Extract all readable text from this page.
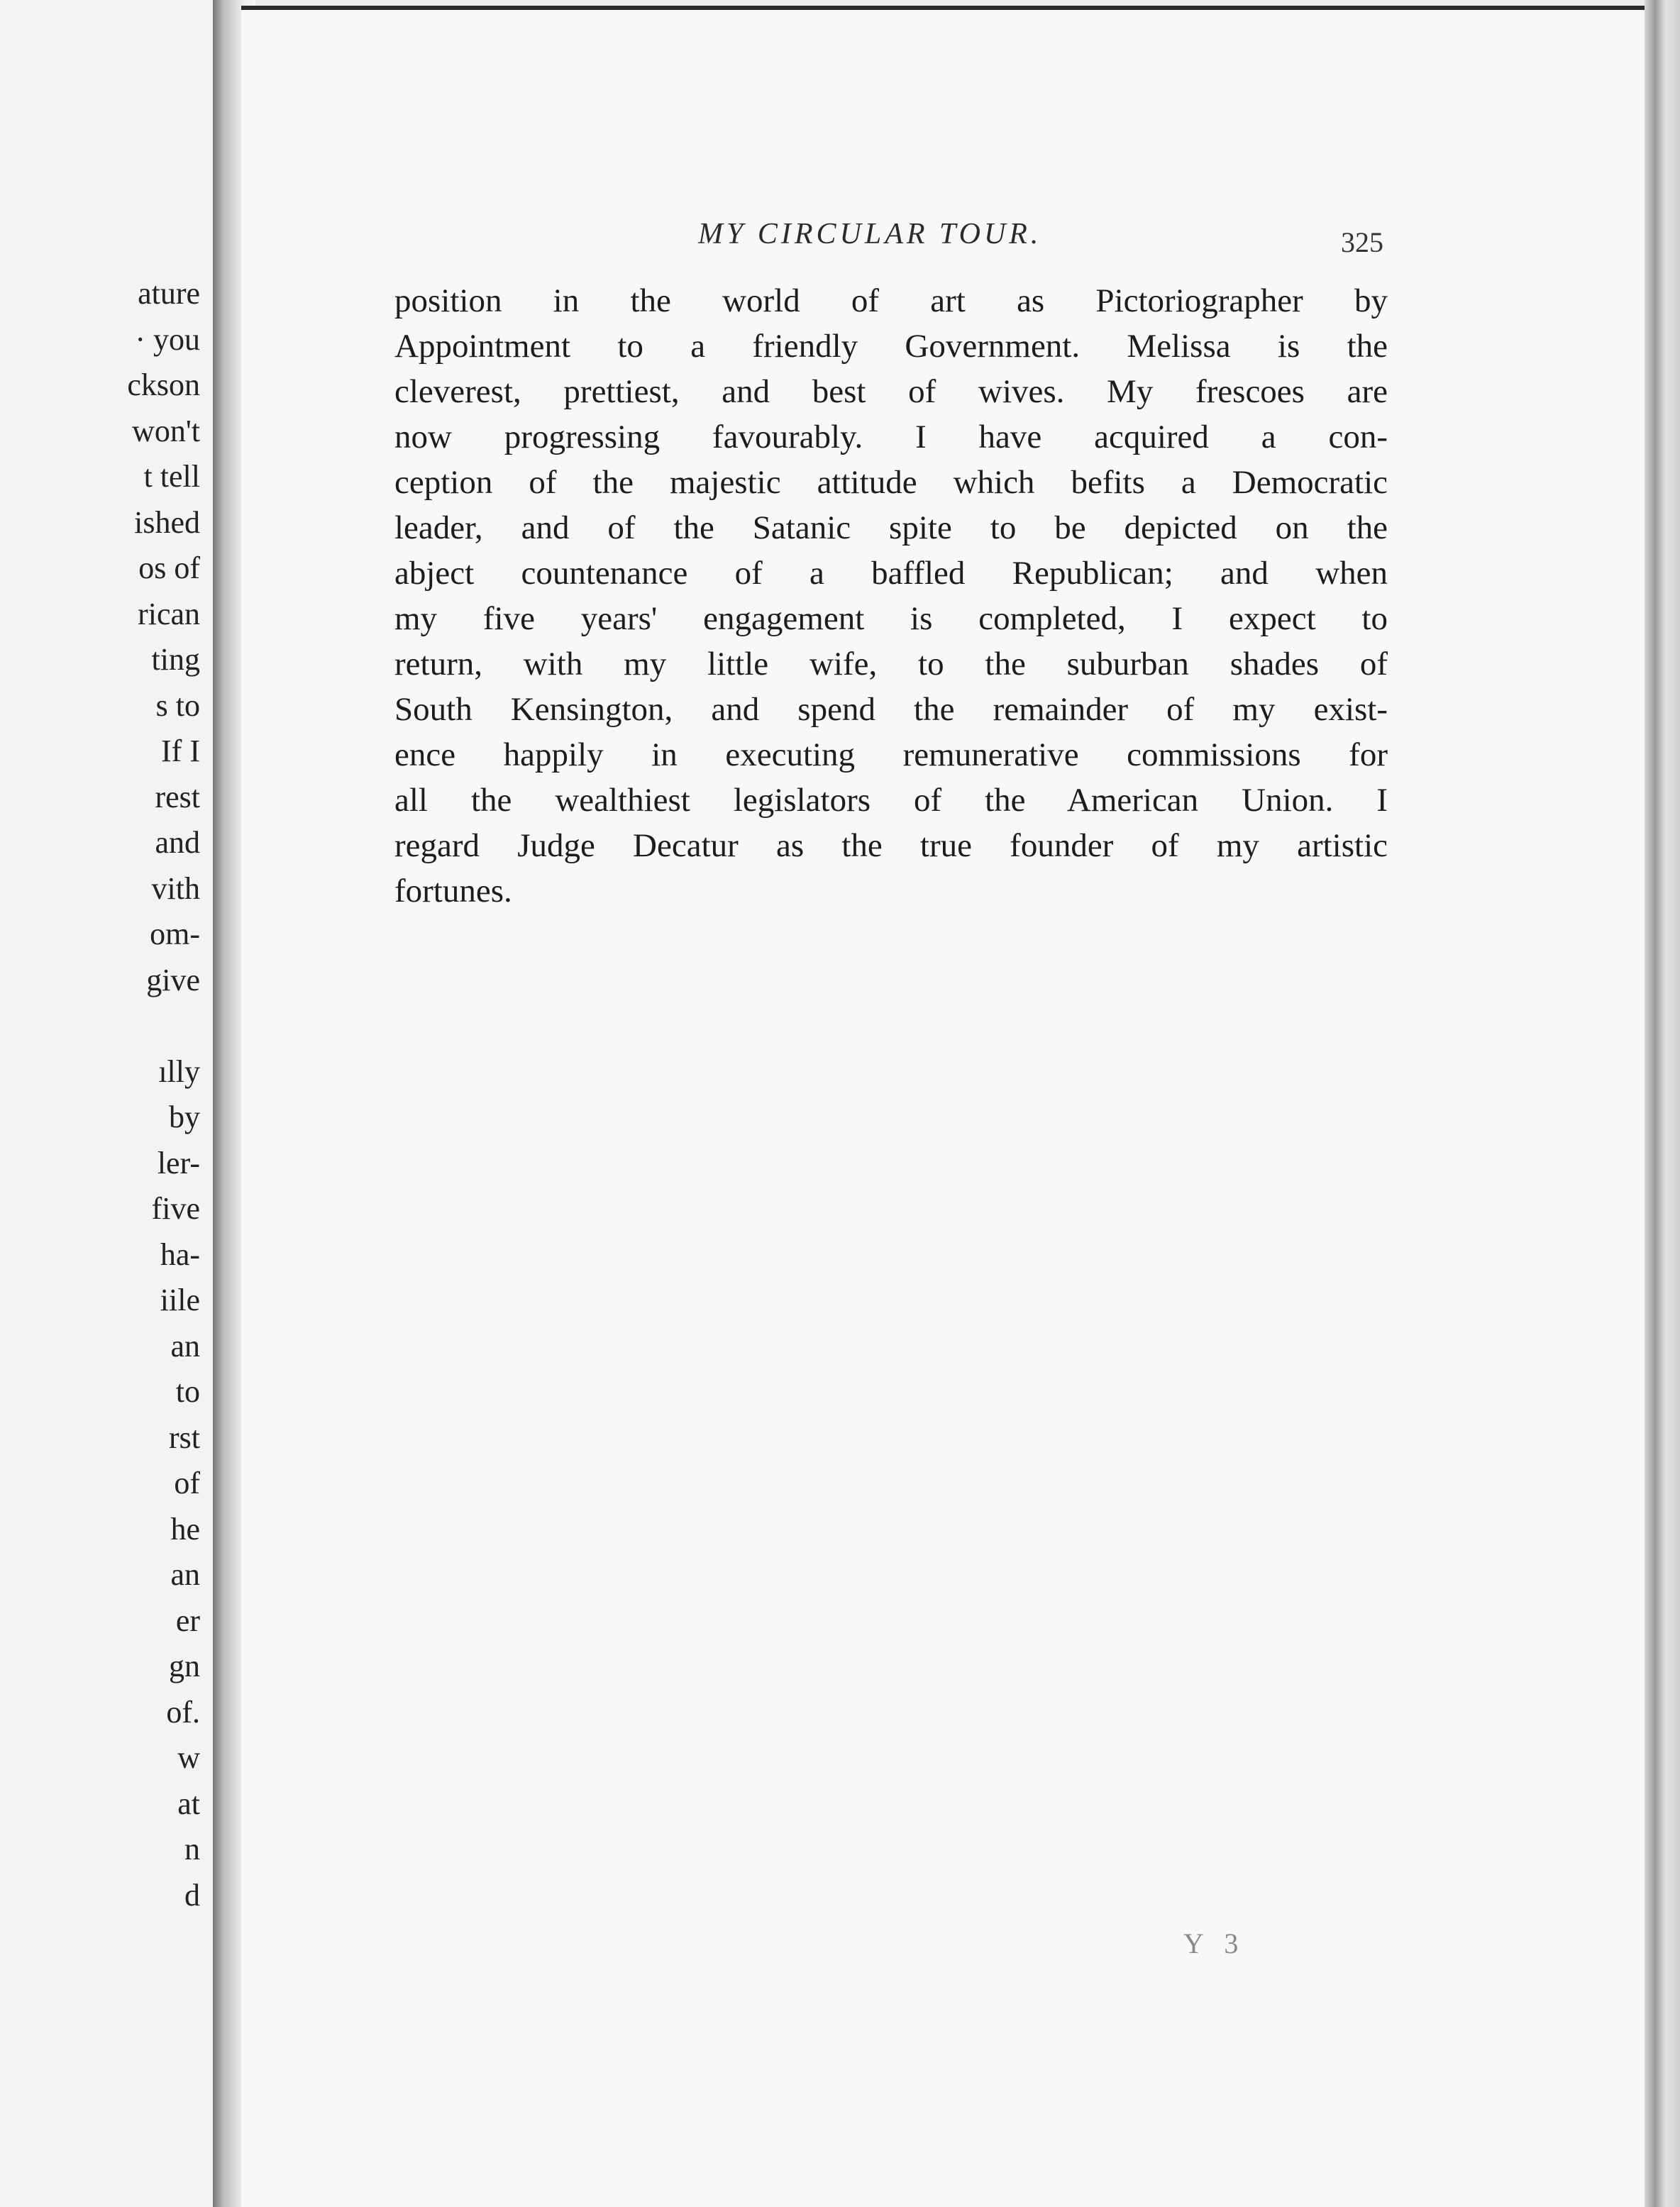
ature
· you
ckson
won't
t tell
ished
os of
rican
ting
s to
If I
rest
and
vith
om-
give
ılly
by
ler-
five
ha-
iile
an
to
rst
of
he
an
er
gn
of.
w
at
n
d
MY CIRCULAR TOUR.	325
position in the world of art as Pictoriographer by
Appointment to a friendly Government. Melissa is the
cleverest, prettiest, and best of wives. My frescoes are
now progressing favourably. I have acquired a con-
ception of the majestic attitude which befits a Democratic
leader, and of the Satanic spite to be depicted on the
abject countenance of a baffled Republican; and when
my five years' engagement is completed, I expect to
return, with my little wife, to the suburban shades of
South Kensington, and spend the remainder of my exist-
ence happily in executing remunerative commissions for
all the wealthiest legislators of the American Union. I
regard Judge Decatur as the true founder of my artistic
fortunes.
Y 3
